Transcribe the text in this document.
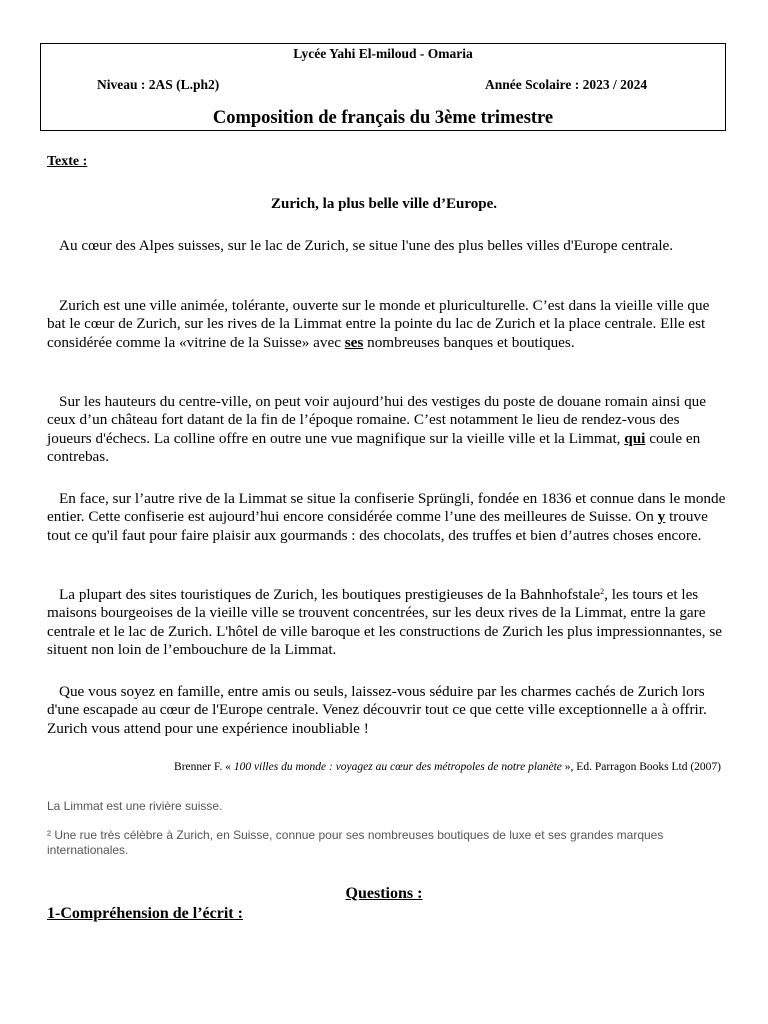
Lycée Yahi El-miloud - Omaria
Niveau : 2AS (L.ph2)	Année Scolaire : 2023 / 2024
Composition de français du 3ème trimestre
Texte :
Zurich, la plus belle ville d’Europe.

Au cœur des Alpes suisses, sur le lac de Zurich, se situe l'une des plus belles villes d'Europe centrale.

Zurich est une ville animée, tolérante, ouverte sur le monde et pluriculturelle. C’est dans la vieille ville que bat le cœur de Zurich, sur les rives de la Limmat entre la pointe du lac de Zurich et la place centrale. Elle est considérée comme la «vitrine de la Suisse» avec ses nombreuses banques et boutiques.

Sur les hauteurs du centre-ville, on peut voir aujourd’hui des vestiges du poste de douane romain ainsi que ceux d’un château fort datant de la fin de l’époque romaine. C’est notamment le lieu de rendez-vous des joueurs d'échecs. La colline offre en outre une vue magnifique sur la vieille ville et la Limmat, qui coule en contrebas.

En face, sur l’autre rive de la Limmat se situe la confiserie Sprüngli, fondée en 1836 et connue dans le monde entier. Cette confiserie est aujourd’hui encore considérée comme l’une des meilleures de Suisse. On y trouve tout ce qu'il faut pour faire plaisir aux gourmands : des chocolats, des truffes et bien d’autres choses encore.

La plupart des sites touristiques de Zurich, les boutiques prestigieuses de la Bahnhofstale$^2$, les tours et les maisons bourgeoises de la vieille ville se trouvent concentrées, sur les deux rives de la Limmat, entre la gare centrale et le lac de Zurich. L'hôtel de ville baroque et les constructions de Zurich les plus impressionnantes, se situent non loin de l’embouchure de la Limmat.

Que vous soyez en famille, entre amis ou seuls, laissez-vous séduire par les charmes cachés de Zurich lors d'une escapade au cœur de l'Europe centrale. Venez découvrir tout ce que cette ville exceptionnelle a à offrir. Zurich vous attend pour une expérience inoubliable !

Brenner F. « 100 villes du monde : voyagez au cœur des métropoles de notre planète », Ed. Parragon Books Ltd (2007)
La Limmat est une rivière suisse.
² Une rue très célèbre à Zurich, en Suisse, connue pour ses nombreuses boutiques de luxe et ses grandes marques internationales.
Questions :
1-Compréhension de l’écrit :
